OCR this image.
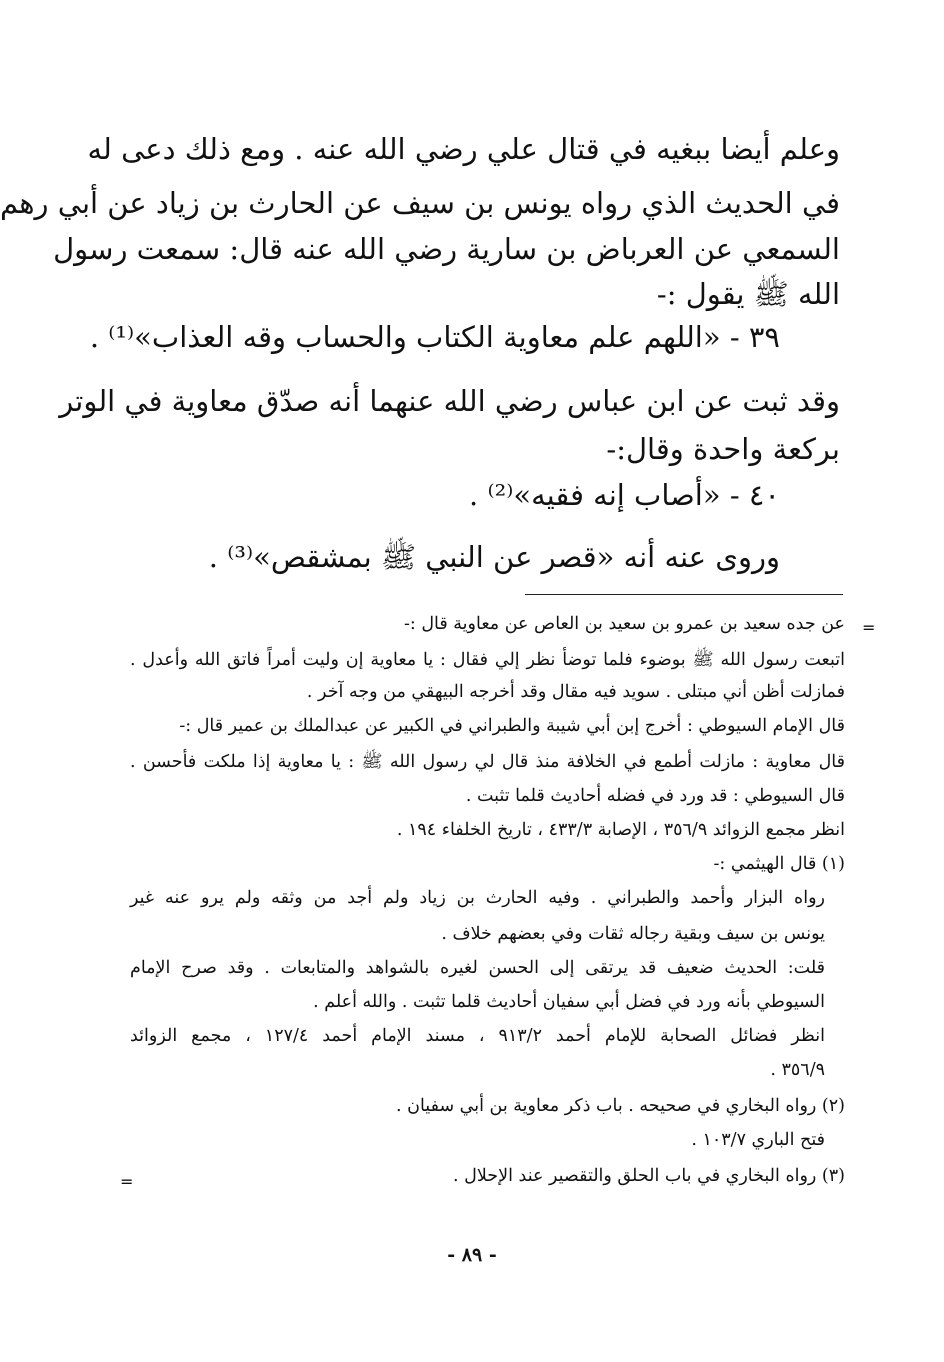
وعلم أيضا ببغيه في قتال علي رضي الله عنه . ومع ذلك دعى له
في الحديث الذي رواه يونس بن سيف عن الحارث بن زياد عن أبي رهم
السمعي عن العرباض بن سارية رضي الله عنه قال: سمعت رسول
الله ﷺ يقول :-
٣٩ - «اللهم علم معاوية الكتاب والحساب وقه العذاب»⁽¹⁾ .
وقد ثبت عن ابن عباس رضي الله عنهما أنه صدّق معاوية في الوتر
بركعة واحدة وقال:-
٤٠ - «أصاب إنه فقيه»⁽²⁾ .
وروى عنه أنه «قصر عن النبي ﷺ بمشقص»⁽³⁾ .
=
=
عن جده سعيد بن عمرو بن سعيد بن العاص عن معاوية قال :-
اتبعت رسول الله ﷺ بوضوء فلما توضأ نظر إلي فقال : يا معاوية إن وليت أمراً فاتق الله وأعدل .
فمازلت أظن أني مبتلى . سويد فيه مقال وقد أخرجه البيهقي من وجه آخر .
قال الإمام السيوطي : أخرج إبن أبي شيبة والطبراني في الكبير عن عبدالملك بن عمير قال :-
قال معاوية : مازلت أطمع في الخلافة منذ قال لي رسول الله ﷺ : يا معاوية إذا ملكت فأحسن .
قال السيوطي : قد ورد في فضله أحاديث قلما تثبت .
انظر مجمع الزوائد ٣٥٦/٩ ، الإصابة ٤٣٣/٣ ، تاريخ الخلفاء ١٩٤ .
(١) قال الهيثمي :-
رواه البزار وأحمد والطبراني . وفيه الحارث بن زياد ولم أجد من وثقه ولم يرو عنه غير
يونس بن سيف وبقية رجاله ثقات وفي بعضهم خلاف .
قلت: الحديث ضعيف قد يرتقى إلى الحسن لغيره بالشواهد والمتابعات . وقد صرح الإمام
السيوطي بأنه ورد في فضل أبي سفيان أحاديث قلما تثبت . والله أعلم .
انظر فضائل الصحابة للإمام أحمد ٩١٣/٢ ، مسند الإمام أحمد ١٢٧/٤ ، مجمع الزوائد
٣٥٦/٩ .
(٢) رواه البخاري في صحيحه . باب ذكر معاوية بن أبي سفيان .
فتح الباري ١٠٣/٧ .
(٣) رواه البخاري في باب الحلق والتقصير عند الإحلال .
- ٨٩ -
